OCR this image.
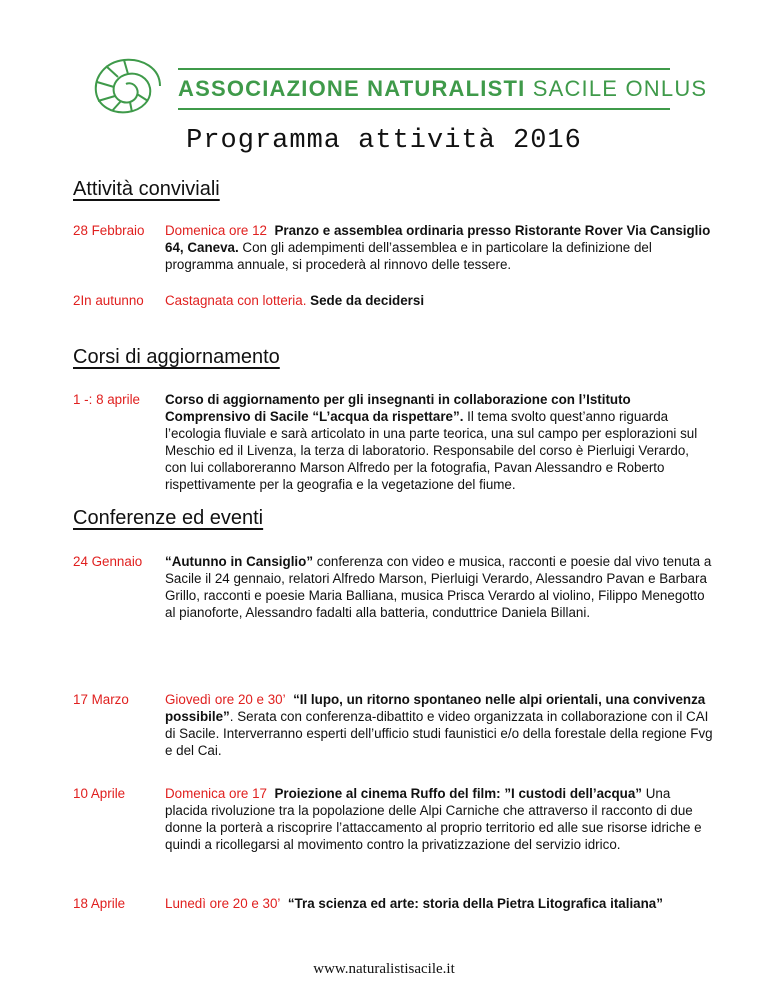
ASSOCIAZIONE NATURALISTI SACILE ONLUS
Programma attività 2016
Attività conviviali
28 Febbraio Domenica ore 12 Pranzo e assemblea ordinaria presso Ristorante Rover Via Cansiglio 64, Caneva. Con gli adempimenti dell’assemblea e in particolare la definizione del programma annuale, si procederà al rinnovo delle tessere.
2In autunno Castagnata con lotteria. Sede da decidersi
Corsi di aggiornamento
1 -: 8 aprile Corso di aggiornamento per gli insegnanti in collaborazione con l’Istituto Comprensivo di Sacile “L’acqua da rispettare”. Il tema svolto quest’anno riguarda l’ecologia fluviale e sarà articolato in una parte teorica, una sul campo per esplorazioni sul Meschio ed il Livenza, la terza di laboratorio. Responsabile del corso è Pierluigi Verardo, con lui collaboreranno Marson Alfredo per la fotografia, Pavan Alessandro e Roberto rispettivamente per la geografia e la vegetazione del fiume.
Conferenze ed eventi
24 Gennaio “Autunno in Cansiglio” conferenza con video e musica, racconti e poesie dal vivo tenuta a Sacile il 24 gennaio, relatori Alfredo Marson, Pierluigi Verardo, Alessandro Pavan e Barbara Grillo, racconti e poesie Maria Balliana, musica Prisca Verardo al violino, Filippo Menegotto al pianoforte, Alessandro fadalti alla batteria, conduttrice Daniela Billani.
17 Marzo	Giovedì ore 20 e 30’ “Il lupo, un ritorno spontaneo nelle alpi orientali, una convivenza possibile”. Serata con conferenza-dibattito e video organizzata in collaborazione con il CAI di Sacile. Interverranno esperti dell’ufficio studi faunistici e/o della forestale della regione Fvg e del Cai.
10 Aprile	Domenica ore 17 Proiezione al cinema Ruffo del film: ”I custodi dell’acqua” Una placida rivoluzione tra la popolazione delle Alpi Carniche che attraverso il racconto di due donne la porterà a riscoprire l’attaccamento al proprio territorio ed alle sue risorse idriche e quindi a ricollegarsi al movimento contro la privatizzazione del servizio idrico.
18 Aprile	Lunedì ore 20 e 30’ “Tra scienza ed arte: storia della Pietra Litografica italiana”
www.naturalistisacile.it
